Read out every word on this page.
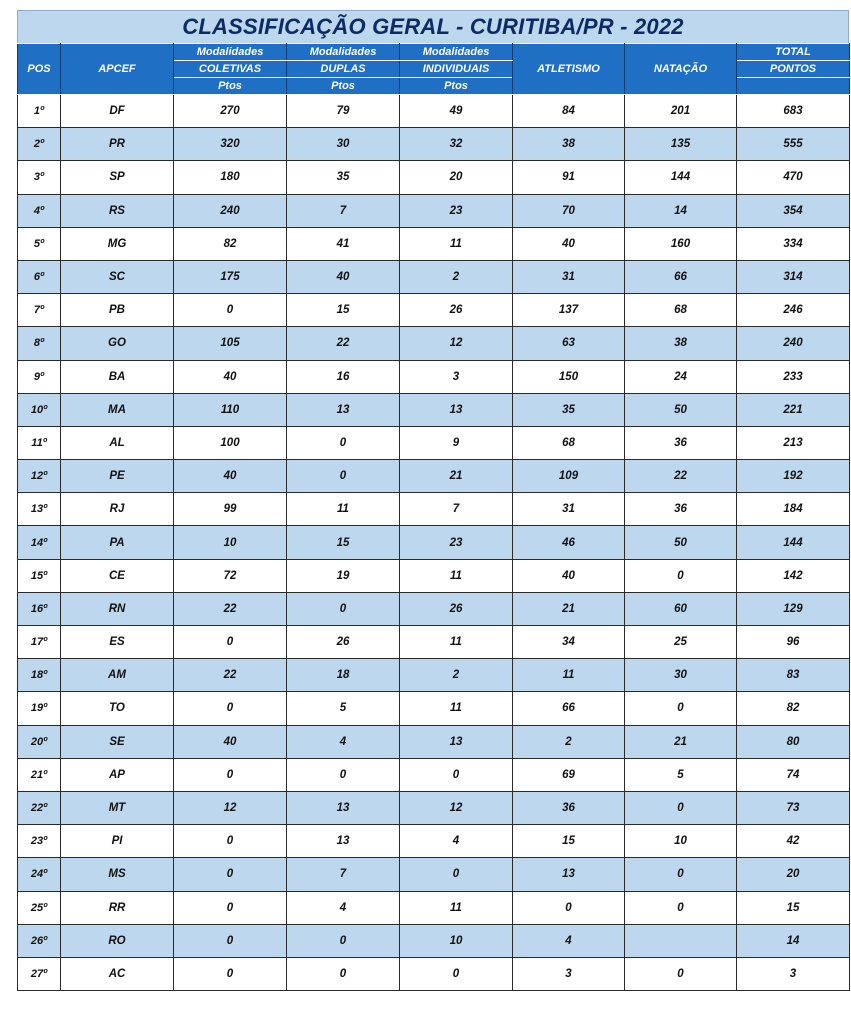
CLASSIFICAÇÃO GERAL - CURITIBA/PR - 2022
POS	APCEF	Modalidades	Modalidades	Modalidades	ATLETISMO	NATAÇÃO	TOTAL
		COLETIVAS	DUPLAS	INDIVIDUAIS			PONTOS
		Ptos	Ptos	Ptos			
1º	DF	270	79	49	84	201	683
2º	PR	320	30	32	38	135	555
3º	SP	180	35	20	91	144	470
4º	RS	240	7	23	70	14	354
5º	MG	82	41	11	40	160	334
6º	SC	175	40	2	31	66	314
7º	PB	0	15	26	137	68	246
8º	GO	105	22	12	63	38	240
9º	BA	40	16	3	150	24	233
10º	MA	110	13	13	35	50	221
11º	AL	100	0	9	68	36	213
12º	PE	40	0	21	109	22	192
13º	RJ	99	11	7	31	36	184
14º	PA	10	15	23	46	50	144
15º	CE	72	19	11	40	0	142
16º	RN	22	0	26	21	60	129
17º	ES	0	26	11	34	25	96
18º	AM	22	18	2	11	30	83
19º	TO	0	5	11	66	0	82
20º	SE	40	4	13	2	21	80
21º	AP	0	0	0	69	5	74
22º	MT	12	13	12	36	0	73
23º	PI	0	13	4	15	10	42
24º	MS	0	7	0	13	0	20
25º	RR	0	4	11	0	0	15
26º	RO	0	0	10	4		14
27º	AC	0	0	0	3	0	3
